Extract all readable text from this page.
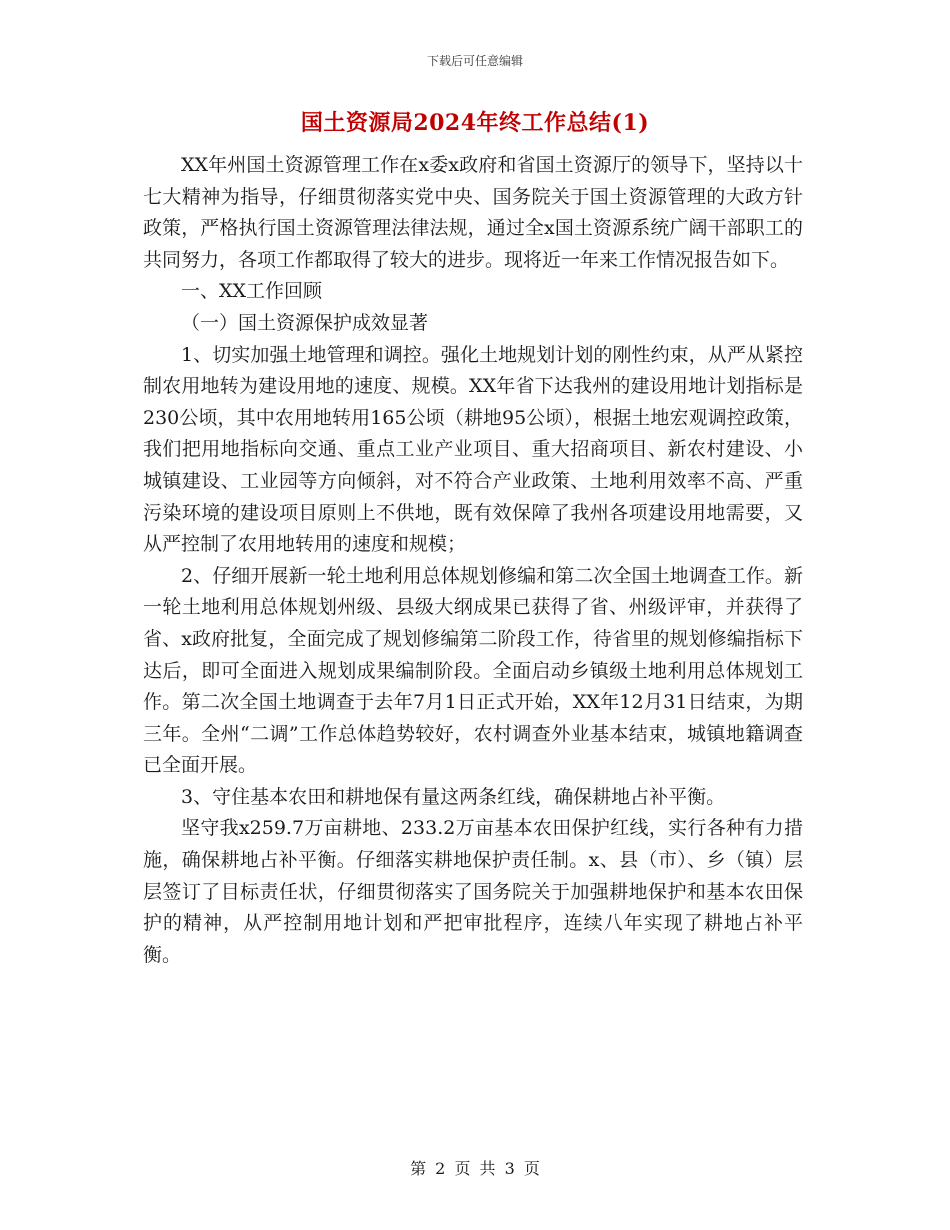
下载后可任意编辑
国土资源局2024年终工作总结(1)

XX年州国土资源管理工作在x委x政府和省国土资源厅的领导下，坚持以十七大精神为指导，仔细贯彻落实党中央、国务院关于国土资源管理的大政方针政策，严格执行国土资源管理法律法规，通过全x国土资源系统广阔干部职工的共同努力，各项工作都取得了较大的进步。现将近一年来工作情况报告如下。

一、XX工作回顾

（一）国土资源保护成效显著

1、切实加强土地管理和调控。强化土地规划计划的刚性约束，从严从紧控制农用地转为建设用地的速度、规模。XX年省下达我州的建设用地计划指标是230公顷，其中农用地转用165公顷（耕地95公顷），根据土地宏观调控政策，我们把用地指标向交通、重点工业产业项目、重大招商项目、新农村建设、小城镇建设、工业园等方向倾斜，对不符合产业政策、土地利用效率不高、严重污染环境的建设项目原则上不供地，既有效保障了我州各项建设用地需要，又从严控制了农用地转用的速度和规模；

2、仔细开展新一轮土地利用总体规划修编和第二次全国土地调查工作。新一轮土地利用总体规划州级、县级大纲成果已获得了省、州级评审，并获得了省、x政府批复，全面完成了规划修编第二阶段工作，待省里的规划修编指标下达后，即可全面进入规划成果编制阶段。全面启动乡镇级土地利用总体规划工作。第二次全国土地调查于去年7月1日正式开始，XX年12月31日结束，为期三年。全州“二调”工作总体趋势较好，农村调查外业基本结束，城镇地籍调查已全面开展。

3、守住基本农田和耕地保有量这两条红线，确保耕地占补平衡。

坚守我x259.7万亩耕地、233.2万亩基本农田保护红线，实行各种有力措施，确保耕地占补平衡。仔细落实耕地保护责任制。x、县（市）、乡（镇）层层签订了目标责任状，仔细贯彻落实了国务院关于加强耕地保护和基本农田保护的精神，从严控制用地计划和严把审批程序，连续八年实现了耕地占补平衡。

第 2 页 共 3 页
